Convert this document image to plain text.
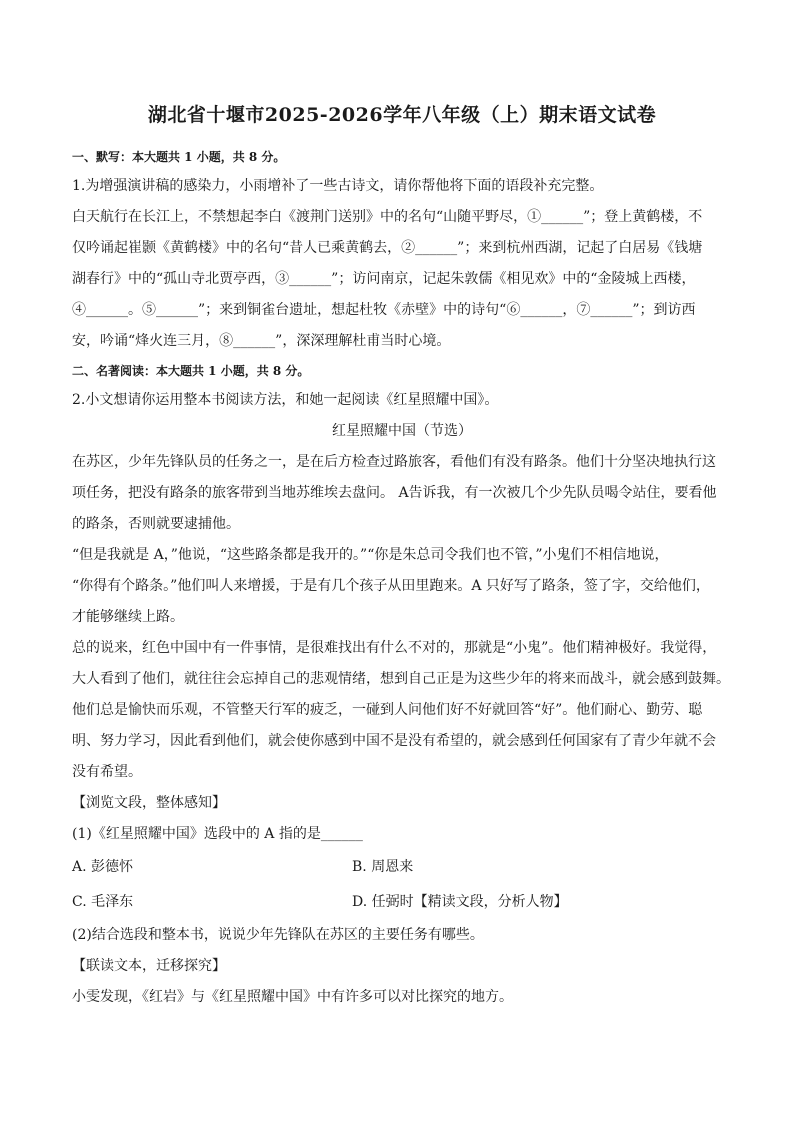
湖北省十堰市2025-2026学年八年级（上）期末语文试卷
一、默写：本大题共 1 小题，共 8 分。
1.为增强演讲稿的感染力，小雨增补了一些古诗文，请你帮他将下面的语段补充完整。
白天航行在长江上，不禁想起李白《渡荆门送别》中的名句“山随平野尽，①______”；登上黄鹤楼，不
仅吟诵起崔颢《黄鹤楼》中的名句“昔人已乘黄鹤去，②______”；来到杭州西湖，记起了白居易《钱塘
湖春行》中的“孤山寺北贾亭西，③______”；访问南京，记起朱敦儒《相见欢》中的“金陵城上西楼，
④______。⑤______”；来到铜雀台遗址，想起杜牧《赤壁》中的诗句“⑥______，⑦______”；到访西
安，吟诵“烽火连三月，⑧______”，深深理解杜甫当时心境。
二、名著阅读：本大题共 1 小题，共 8 分。
2.小文想请你运用整本书阅读方法，和她一起阅读《红星照耀中国》。
红星照耀中国（节选）
在苏区，少年先锋队员的任务之一，是在后方检查过路旅客，看他们有没有路条。他们十分坚决地执行这
项任务，把没有路条的旅客带到当地苏维埃去盘问。 A告诉我，有一次被几个少先队员喝令站住，要看他
的路条，否则就要逮捕他。
“但是我就是 A，”他说，“这些路条都是我开的。”“你是朱总司令我们也不管，”小鬼们不相信地说，
“你得有个路条。”他们叫人来增援，于是有几个孩子从田里跑来。A 只好写了路条，签了字，交给他们，
才能够继续上路。
总的说来，红色中国中有一件事情，是很难找出有什么不对的，那就是“小鬼”。他们精神极好。我觉得，
大人看到了他们，就往往会忘掉自己的悲观情绪，想到自己正是为这些少年的将来而战斗，就会感到鼓舞。
他们总是愉快而乐观，不管整天行军的疲乏，一碰到人问他们好不好就回答“好”。他们耐心、勤劳、聪
明、努力学习，因此看到他们，就会使你感到中国不是没有希望的，就会感到任何国家有了青少年就不会
没有希望。
【浏览文段，整体感知】
(1)《红星照耀中国》选段中的 A 指的是______
A. 彭德怀	B. 周恩来
C. 毛泽东	D. 任弼时【精读文段，分析人物】
(2)结合选段和整本书，说说少年先锋队在苏区的主要任务有哪些。
【联读文本，迁移探究】
小雯发现，《红岩》与《红星照耀中国》中有许多可以对比探究的地方。
